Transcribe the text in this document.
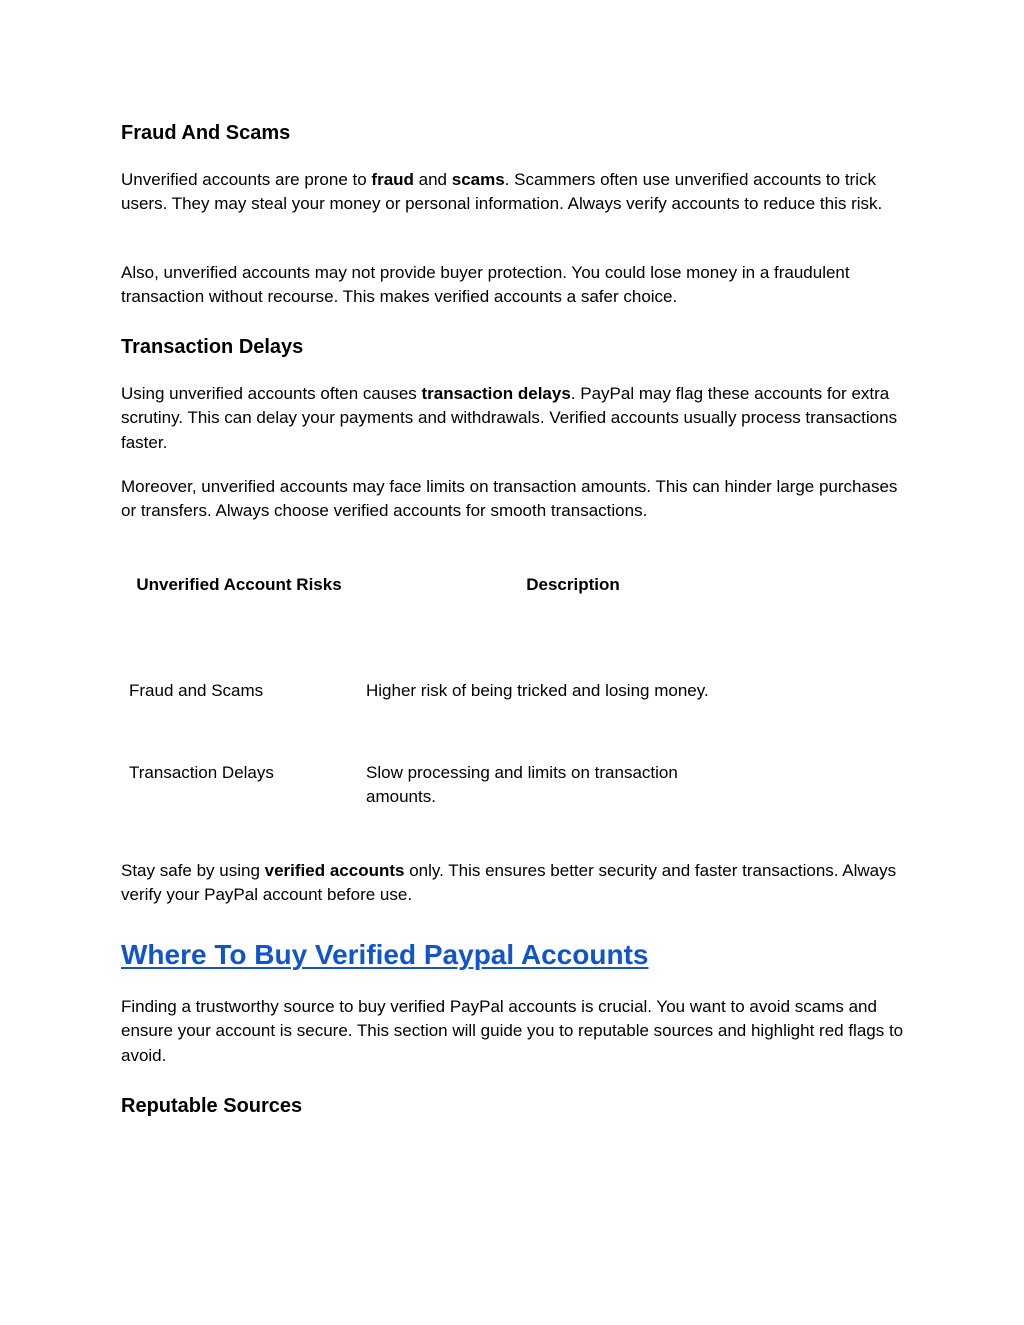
Fraud And Scams

Unverified accounts are prone to fraud and scams. Scammers often use unverified accounts to trick users. They may steal your money or personal information. Always verify accounts to reduce this risk.

Also, unverified accounts may not provide buyer protection. You could lose money in a fraudulent transaction without recourse. This makes verified accounts a safer choice.

Transaction Delays

Using unverified accounts often causes transaction delays. PayPal may flag these accounts for extra scrutiny. This can delay your payments and withdrawals. Verified accounts usually process transactions faster.

Moreover, unverified accounts may face limits on transaction amounts. This can hinder large purchases or transfers. Always choose verified accounts for smooth transactions.

Unverified Account Risks	Description
Fraud and Scams	Higher risk of being tricked and losing money.
Transaction Delays	Slow processing and limits on transaction amounts.

Stay safe by using verified accounts only. This ensures better security and faster transactions. Always verify your PayPal account before use.

Where To Buy Verified Paypal Accounts

Finding a trustworthy source to buy verified PayPal accounts is crucial. You want to avoid scams and ensure your account is secure. This section will guide you to reputable sources and highlight red flags to avoid.

Reputable Sources
